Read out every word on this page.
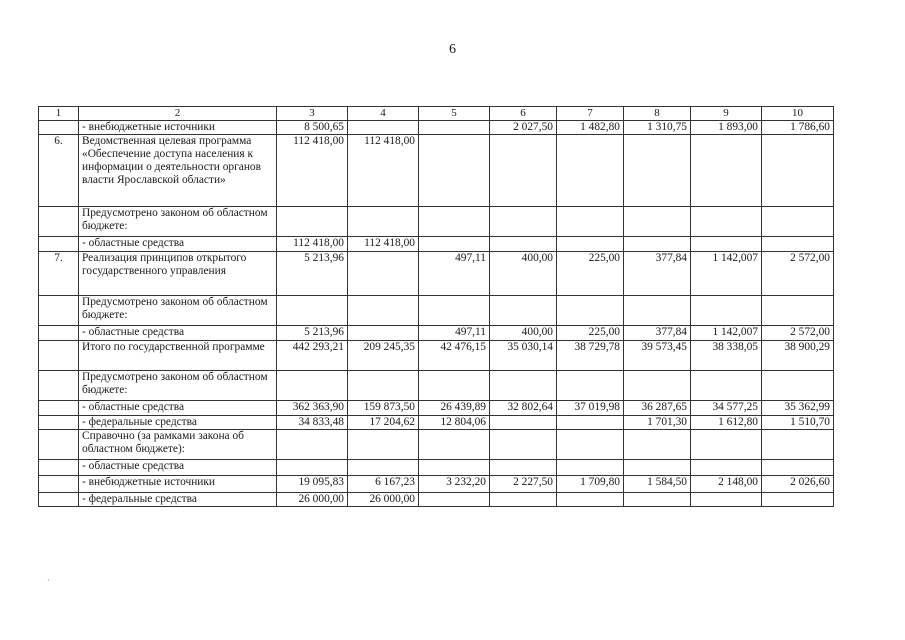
6
1	2	3	4	5	6	7	8	9	10
	- внебюджетные источники	8 500,65			2 027,50	1 482,80	1 310,75	1 893,00	1 786,60
6.	Ведомственная целевая программа «Обеспечение доступа населения к информации о деятельности органов власти Ярославской области»	112 418,00	112 418,00						
	Предусмотрено законом об областном бюджете:								
	- областные средства	112 418,00	112 418,00						
7.	Реализация принципов открытого государственного управления	5 213,96		497,11	400,00	225,00	377,84	1 142,007	2 572,00
	Предусмотрено законом об областном бюджете:								
	- областные средства	5 213,96		497,11	400,00	225,00	377,84	1 142,007	2 572,00
	Итого по государственной программе	442 293,21	209 245,35	42 476,15	35 030,14	38 729,78	39 573,45	38 338,05	38 900,29
	Предусмотрено законом об областном бюджете:								
	- областные средства	362 363,90	159 873,50	26 439,89	32 802,64	37 019,98	36 287,65	34 577,25	35 362,99
	- федеральные средства	34 833,48	17 204,62	12 804,06			1 701,30	1 612,80	1 510,70
	Справочно (за рамками закона об областном бюджете):								
	- областные средства								
	- внебюджетные источники	19 095,83	6 167,23	3 232,20	2 227,50	1 709,80	1 584,50	2 148,00	2 026,60
	- федеральные средства	26 000,00	26 000,00						
·
